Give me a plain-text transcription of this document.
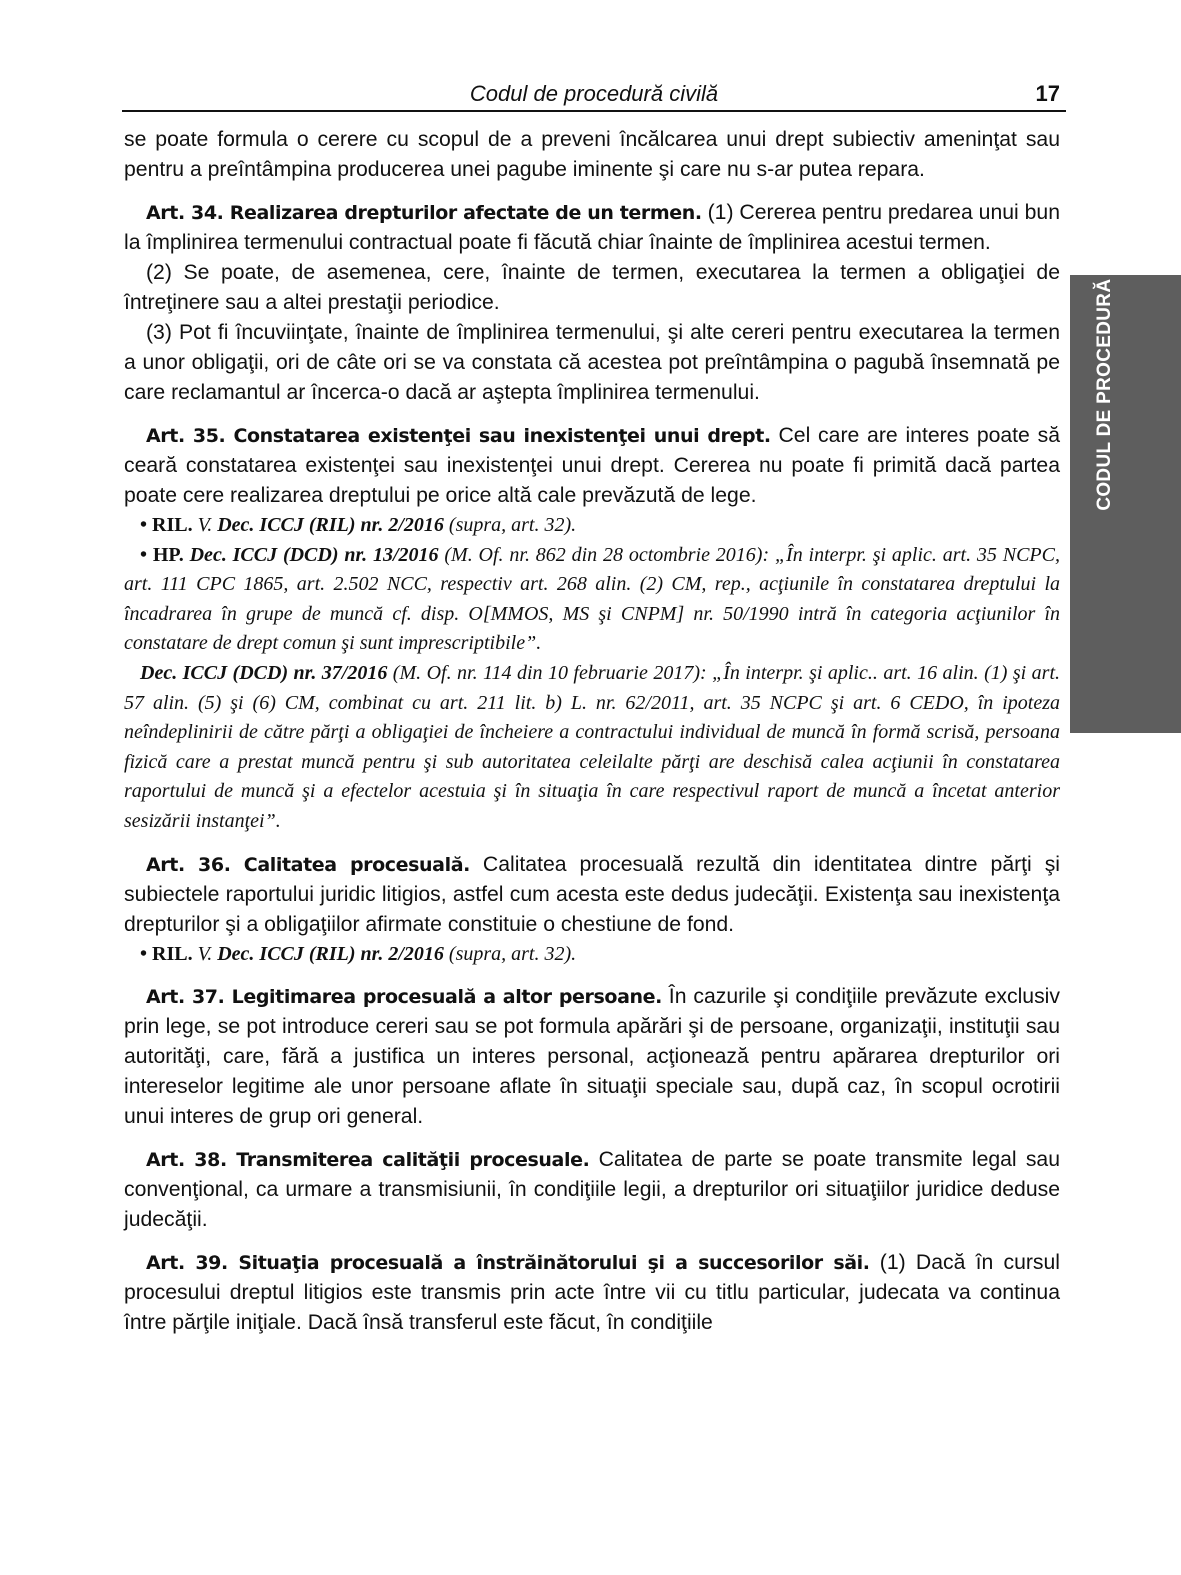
Codul de procedură civilă	17
CODUL DE PROCEDURĂ CIVILĂ

se poate formula o cerere cu scopul de a preveni încălcarea unui drept subiectiv ameninţat sau pentru a preîntâmpina producerea unei pagube iminente şi care nu s-ar putea repara.

Art. 34. Realizarea drepturilor afectate de un termen. (1) Cererea pentru predarea unui bun la împlinirea termenului contractual poate fi făcută chiar înainte de împlinirea acestui termen.

(2) Se poate, de asemenea, cere, înainte de termen, executarea la termen a obligaţiei de întreţinere sau a altei prestaţii periodice.

(3) Pot fi încuviinţate, înainte de împlinirea termenului, şi alte cereri pentru executarea la termen a unor obligaţii, ori de câte ori se va constata că acestea pot preîntâmpina o pagubă însemnată pe care reclamantul ar încerca-o dacă ar aştepta împlinirea termenului.

Art. 35. Constatarea existenţei sau inexistenţei unui drept. Cel care are interes poate să ceară constatarea existenţei sau inexistenţei unui drept. Cererea nu poate fi primită dacă partea poate cere realizarea dreptului pe orice altă cale prevăzută de lege.

• RIL. V. Dec. ICCJ (RIL) nr. 2/2016 (supra, art. 32).

• HP. Dec. ICCJ (DCD) nr. 13/2016 (M. Of. nr. 862 din 28 octombrie 2016): „În interpr. şi aplic. art. 35 NCPC, art. 111 CPC 1865, art. 2.502 NCC, respectiv art. 268 alin. (2) CM, rep., acţiunile în constatarea dreptului la încadrarea în grupe de muncă cf. disp. O[MMOS, MS şi CNPM] nr. 50/1990 intră în categoria acţiunilor în constatare de drept comun şi sunt imprescriptibile”.

Dec. ICCJ (DCD) nr. 37/2016 (M. Of. nr. 114 din 10 februarie 2017): „În interpr. şi aplic.. art. 16 alin. (1) şi art. 57 alin. (5) şi (6) CM, combinat cu art. 211 lit. b) L. nr. 62/2011, art. 35 NCPC şi art. 6 CEDO, în ipoteza neîndeplinirii de către părţi a obligaţiei de încheiere a contractului individual de muncă în formă scrisă, persoana fizică care a prestat muncă pentru şi sub autoritatea celeilalte părţi are deschisă calea acţiunii în constatarea raportului de muncă şi a efectelor acestuia şi în situaţia în care respectivul raport de muncă a încetat anterior sesizării instanţei”.

Art. 36. Calitatea procesuală. Calitatea procesuală rezultă din identitatea dintre părţi şi subiectele raportului juridic litigios, astfel cum acesta este dedus judecăţii. Existenţa sau inexistenţa drepturilor şi a obligaţiilor afirmate constituie o chestiune de fond.

• RIL. V. Dec. ICCJ (RIL) nr. 2/2016 (supra, art. 32).

Art. 37. Legitimarea procesuală a altor persoane. În cazurile şi condiţiile prevăzute exclusiv prin lege, se pot introduce cereri sau se pot formula apărări şi de persoane, organizaţii, instituţii sau autorităţi, care, fără a justifica un interes personal, acţionează pentru apărarea drepturilor ori intereselor legitime ale unor persoane aflate în situaţii speciale sau, după caz, în scopul ocrotirii unui interes de grup ori general.

Art. 38. Transmiterea calităţii procesuale. Calitatea de parte se poate transmite legal sau convenţional, ca urmare a transmisiunii, în condiţiile legii, a drepturilor ori situaţiilor juridice deduse judecăţii.

Art. 39. Situaţia procesuală a înstrăinătorului şi a succesorilor săi. (1) Dacă în cursul procesului dreptul litigios este transmis prin acte între vii cu titlu particular, judecata va continua între părţile iniţiale. Dacă însă transferul este făcut, în condiţiile
